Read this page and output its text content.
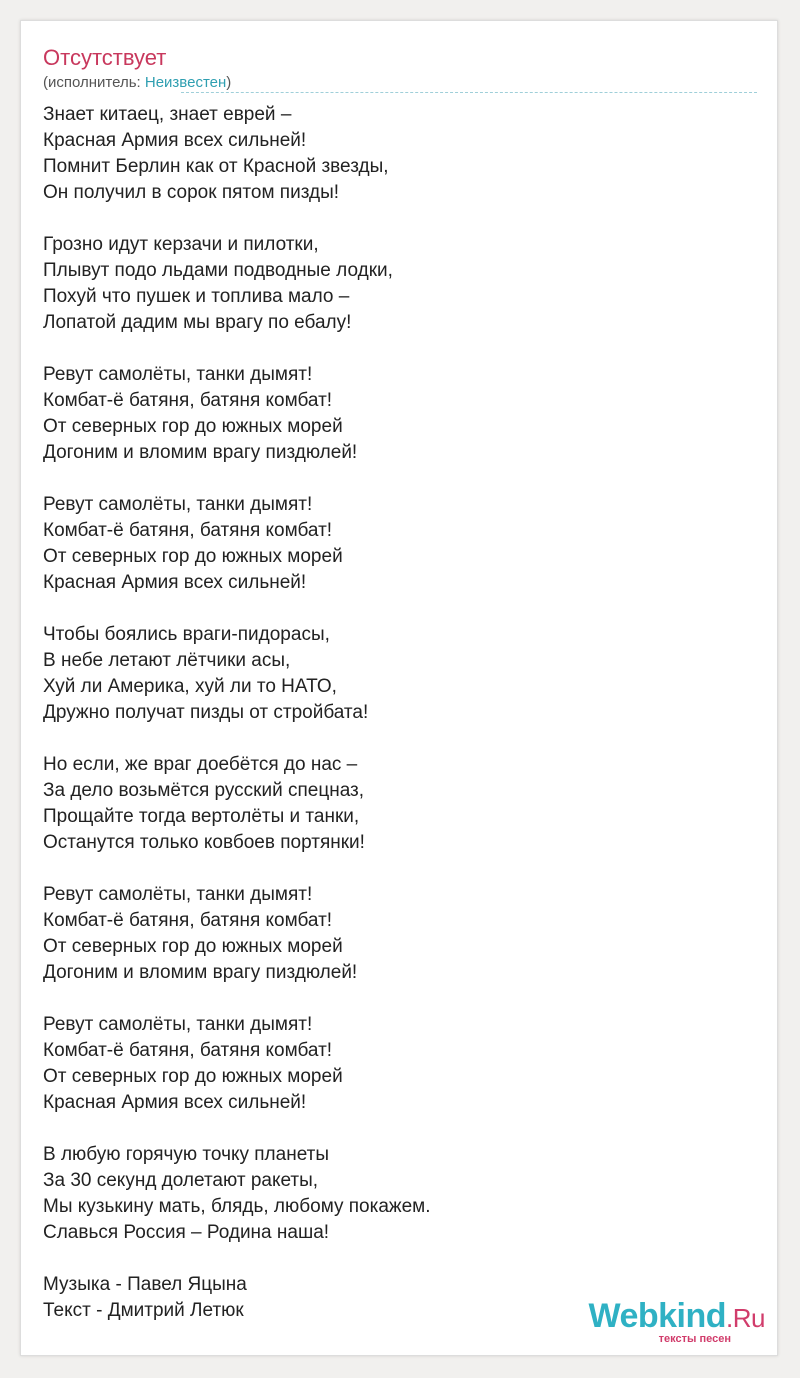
Отсутствует
(исполнитель: Неизвестен)
Знает китаец, знает еврей –
Красная Армия всех сильней!
Помнит Берлин как от Красной звезды,
Он получил в сорок пятом пизды!
Грозно идут керзачи и пилотки,
Плывут подо льдами подводные лодки,
Похуй что пушек и топлива мало –
Лопатой дадим мы врагу по ебалу!
Ревут самолёты, танки дымят!
Комбат-ё батяня, батяня комбат!
От северных гор до южных морей
Догоним и вломим врагу пиздюлей!
Ревут самолёты, танки дымят!
Комбат-ё батяня, батяня комбат!
От северных гор до южных морей
Красная Армия всех сильней!
Чтобы боялись враги-пидорасы,
В небе летают лётчики асы,
Хуй ли Америка, хуй ли то НАТО,
Дружно получат пизды от стройбата!
Но если, же враг доебётся до нас –
За дело возьмётся русский спецназ,
Прощайте тогда вертолёты и танки,
Останутся только ковбоев портянки!
Ревут самолёты, танки дымят!
Комбат-ё батяня, батяня комбат!
От северных гор до южных морей
Догоним и вломим врагу пиздюлей!
Ревут самолёты, танки дымят!
Комбат-ё батяня, батяня комбат!
От северных гор до южных морей
Красная Армия всех сильней!
В любую горячую точку планеты
За 30 секунд долетают ракеты,
Мы кузькину мать, блядь, любому покажем.
Славься Россия – Родина наша!
Музыка - Павел Яцына
Текст - Дмитрий Летюк	Webkind.Ru
тексты песен
